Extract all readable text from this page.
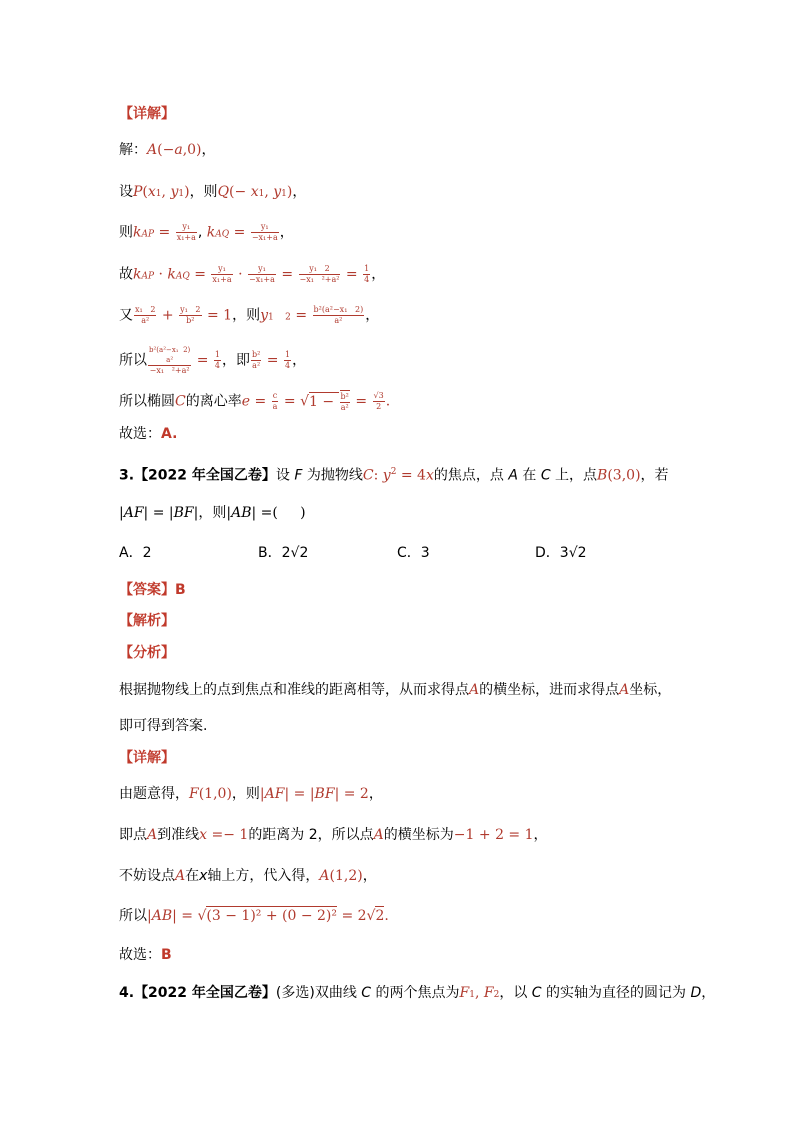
【详解】
解：A(−a,0)，
设P(x1, y1)，则Q(− x1, y1)，
则kAP = $\frac{\text{y₁}}{\text{x₁+a}}$ , kAQ = $\frac{\text{y₁}}{\text{−x₁+a}}$ ，
故kAP · kAQ = $\frac{\text{y₁}}{\text{x₁+a}} \cdot \frac{\text{y₁}}{\text{−x₁+a}} = \frac{\text{y₁   2}}{\text{−x₁   ²+a²}} = \frac{1}{4}$ ，
又 $\frac{\text{x₁   2}}{\text{a²}} + \frac{\text{y₁   2}}{\text{b²}} = 1$，则y1    $2 = \frac{\text{b²(a²−x₁   2)}}{\text{a²}}$ ，
所以
b²(a²−x₁  2)
a²
−x₁   ²+a²
= $\frac{1}{4}$ ，即 $\frac{\text{b²}}{\text{a²}} = \frac{1}{4}$ ，
所以椭圆C的离心率$e = \frac{c}{a} = √1 - \frac{\text{b²}}{\text{a²}} = \frac{√3}{2}$ .
故选：A.
3.【2022 年全国乙卷】设 F 为抛物线C: $y^2 = 4x$的焦点，点 A 在 C 上，点B(3,0)，若
|AF| = |BF|，则|AB| =( )
A．2	B．2√2	C．3	D．3√2
【答案】B
【解析】
【分析】
根据抛物线上的点到焦点和准线的距离相等，从而求得点A的横坐标，进而求得点A坐标，
即可得到答案.
【详解】
由题意得，F(1,0)，则|AF| = |BF| = 2，
即点A到准线x =− 1的距离为 2，所以点A的横坐标为−1 + 2 = 1，
不妨设点A在x轴上方，代入得，A(1,2)，
所以|AB| = √(3 − 1)² + (0 − 2)² = 2√2.
故选：B
4.【2022 年全国乙卷】(多选)双曲线 C 的两个焦点为F1, F2，以 C 的实轴为直径的圆记为 D，
